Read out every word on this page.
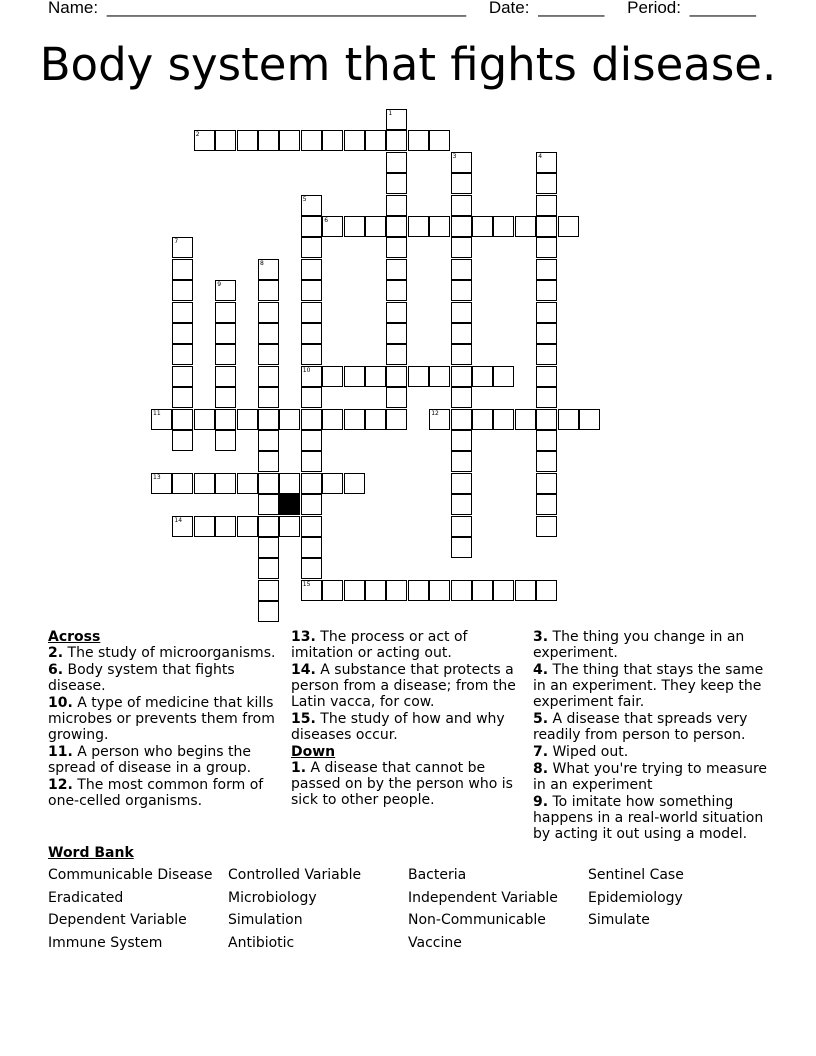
Name: ______________________________________ Date: _______ Period: _______
Body system that fights disease.
1
2
3	4
5
10
6
7
8
9
11	12
13
14
15
Across
2. The study of microorganisms.
6. Body system that fights disease.
10. A type of medicine that kills microbes or prevents them from growing.
11. A person who begins the spread of disease in a group.
12. The most common form of one-celled organisms.
13. The process or act of imitation or acting out.
14. A substance that protects a person from a disease; from the Latin vacca, for cow.
15. The study of how and why diseases occur.
Down
1. A disease that cannot be passed on by the person who is sick to other people.
3. The thing you change in an experiment.
4. The thing that stays the same in an experiment. They keep the experiment fair.
5. A disease that spreads very readily from person to person.
7. Wiped out.
8. What you're trying to measure in an experiment
9. To imitate how something happens in a real-world situation by acting it out using a model.
Word Bank
Communicable Disease	Controlled Variable	Bacteria	Sentinel Case
Eradicated	Microbiology	Independent Variable	Epidemiology
Dependent Variable	Simulation	Non-Communicable	Simulate
Immune System	Antibiotic	Vaccine
